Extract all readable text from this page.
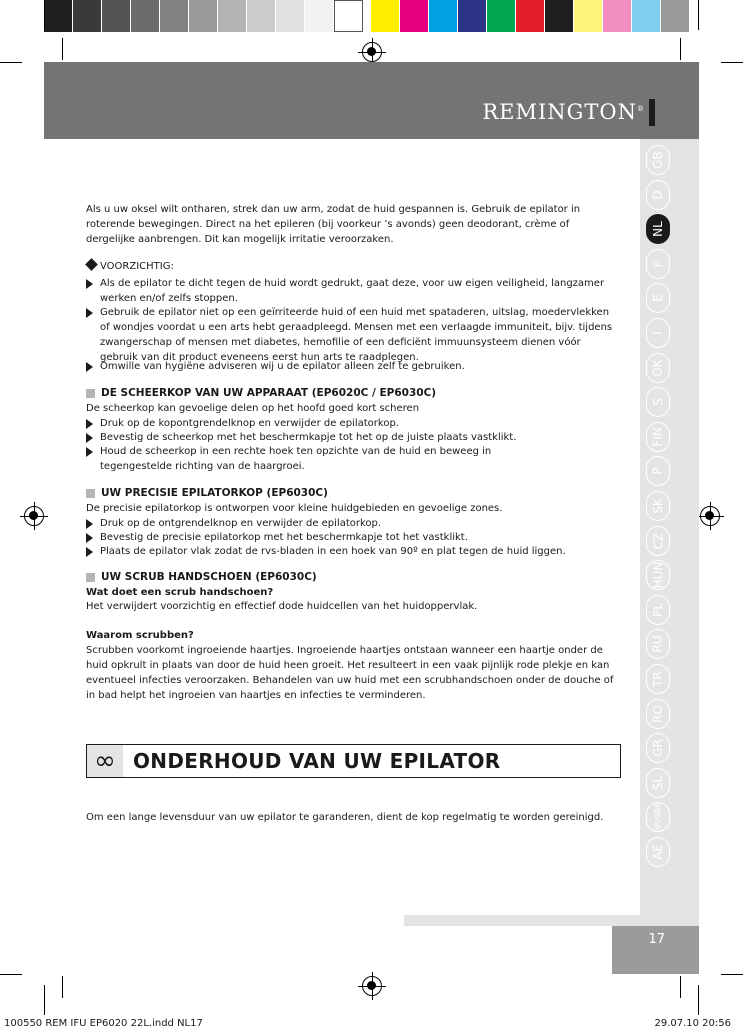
REMINGTON®
GB
D
NL
F
E
I
DK
S
FIN
P
SK
CZ
HUN
PL
RU
TR
RO
GR
SL
HR/SRB
AE
17
Als u uw oksel wilt ontharen, strek dan uw arm, zodat de huid gespannen is. Gebruik de epilator in roterende bewegingen. Direct na het epileren (bij voorkeur ’s avonds) geen deodorant, crème of dergelijke aanbrengen. Dit kan mogelijk irritatie veroorzaken.
VOORZICHTIG:
Als de epilator te dicht tegen de huid wordt gedrukt, gaat deze, voor uw eigen veiligheid, langzamer werken en/of zelfs stoppen.
Gebruik de epilator niet op een geïrriteerde huid of een huid met spataderen, uitslag, moedervlekken of wondjes voordat u een arts hebt geraadpleegd. Mensen met een verlaagde immuniteit, bijv. tijdens zwangerschap of mensen met diabetes, hemofilie of een deficiënt immuunsysteem dienen vóór gebruik van dit product eveneens eerst hun arts te raadplegen.
Omwille van hygiëne adviseren wij u de epilator alleen zelf te gebruiken.
DE SCHEERKOP VAN UW APPARAAT (EP6020C / EP6030C)
De scheerkop kan gevoelige delen op het hoofd goed kort scheren
Druk op de kopontgrendelknop en verwijder de epilatorkop.
Bevestig de scheerkop met het beschermkapje tot het op de juiste plaats vastklikt.
Houd de scheerkop in een rechte hoek ten opzichte van de huid en beweeg in tegengestelde richting van de haargroei.
UW PRECISIE EPILATORKOP (EP6030C)
De precisie epilatorkop is ontworpen voor kleine huidgebieden en gevoelige zones.
Druk op de ontgrendelknop en verwijder de epilatorkop.
Bevestig de precisie epilatorkop met het beschermkapje tot het vastklikt.
Plaats de epilator vlak zodat de rvs-bladen in een hoek van 90º en plat tegen de huid liggen.
UW SCRUB HANDSCHOEN (EP6030C)
Wat doet een scrub handschoen?
Het verwijdert voorzichtig en effectief dode huidcellen van het huidoppervlak.
Waarom scrubben?
Scrubben voorkomt ingroeiende haartjes. Ingroeiende haartjes ontstaan wanneer een haartje onder de huid opkrult in plaats van door de huid heen groeit. Het resulteert in een vaak pijnlijk rode plekje en kan eventueel infecties veroorzaken. Behandelen van uw huid met een scrubhandschoen onder de douche of in bad helpt het ingroeien van haartjes en infecties te verminderen.
∞ ONDERHOUD VAN UW EPILATOR
Om een lange levensduur van uw epilator te garanderen, dient de kop regelmatig te worden gereinigd.
100550 REM IFU EP6020 22L.indd NL17	29.07.10 20:56
